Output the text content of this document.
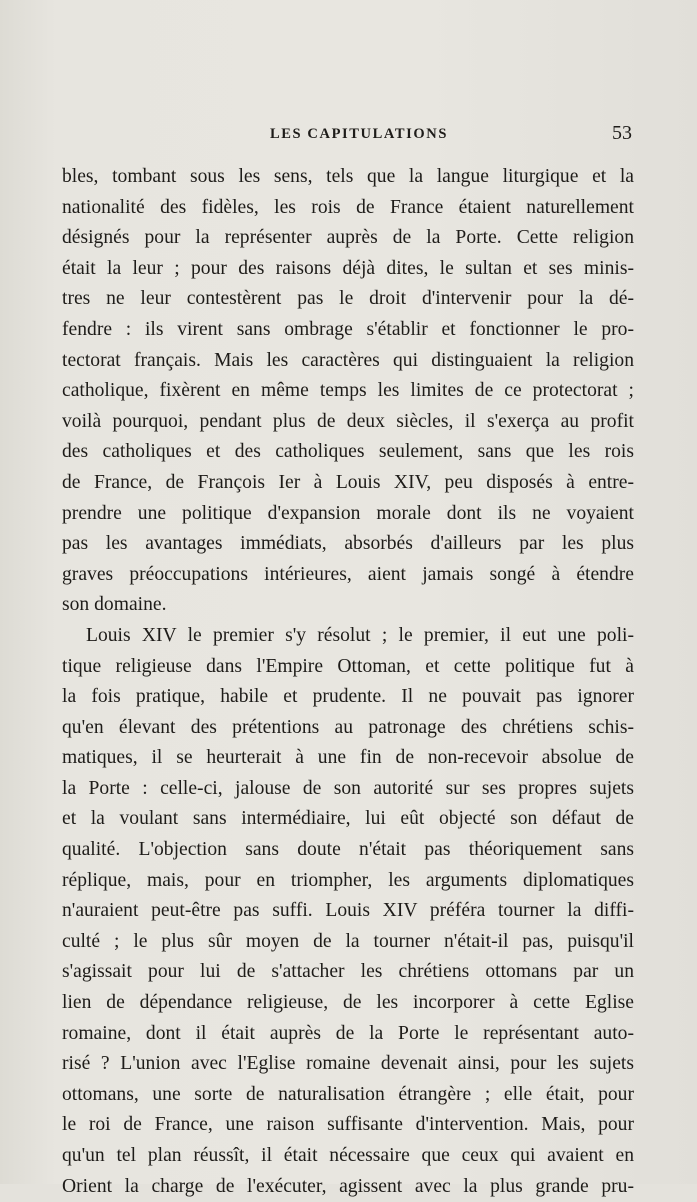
LES CAPITULATIONS	53
bles, tombant sous les sens, tels que la langue liturgique et la
nationalité des fidèles, les rois de France étaient naturellement
désignés pour la représenter auprès de la Porte. Cette religion
était la leur ; pour des raisons déjà dites, le sultan et ses minis-
tres ne leur contestèrent pas le droit d'intervenir pour la dé-
fendre : ils virent sans ombrage s'établir et fonctionner le pro-
tectorat français. Mais les caractères qui distinguaient la religion
catholique, fixèrent en même temps les limites de ce protectorat ;
voilà pourquoi, pendant plus de deux siècles, il s'exerça au profit
des catholiques et des catholiques seulement, sans que les rois
de France, de François Ier à Louis XIV, peu disposés à entre-
prendre une politique d'expansion morale dont ils ne voyaient
pas les avantages immédiats, absorbés d'ailleurs par les plus
graves préoccupations intérieures, aient jamais songé à étendre
son domaine.
Louis XIV le premier s'y résolut ; le premier, il eut une poli-
tique religieuse dans l'Empire Ottoman, et cette politique fut à
la fois pratique, habile et prudente. Il ne pouvait pas ignorer
qu'en élevant des prétentions au patronage des chrétiens schis-
matiques, il se heurterait à une fin de non-recevoir absolue de
la Porte : celle-ci, jalouse de son autorité sur ses propres sujets
et la voulant sans intermédiaire, lui eût objecté son défaut de
qualité. L'objection sans doute n'était pas théoriquement sans
réplique, mais, pour en triompher, les arguments diplomatiques
n'auraient peut-être pas suffi. Louis XIV préféra tourner la diffi-
culté ; le plus sûr moyen de la tourner n'était-il pas, puisqu'il
s'agissait pour lui de s'attacher les chrétiens ottomans par un
lien de dépendance religieuse, de les incorporer à cette Eglise
romaine, dont il était auprès de la Porte le représentant auto-
risé ? L'union avec l'Eglise romaine devenait ainsi, pour les sujets
ottomans, une sorte de naturalisation étrangère ; elle était, pour
le roi de France, une raison suffisante d'intervention. Mais, pour
qu'un tel plan réussît, il était nécessaire que ceux qui avaient en
Orient la charge de l'exécuter, agissent avec la plus grande pru-
